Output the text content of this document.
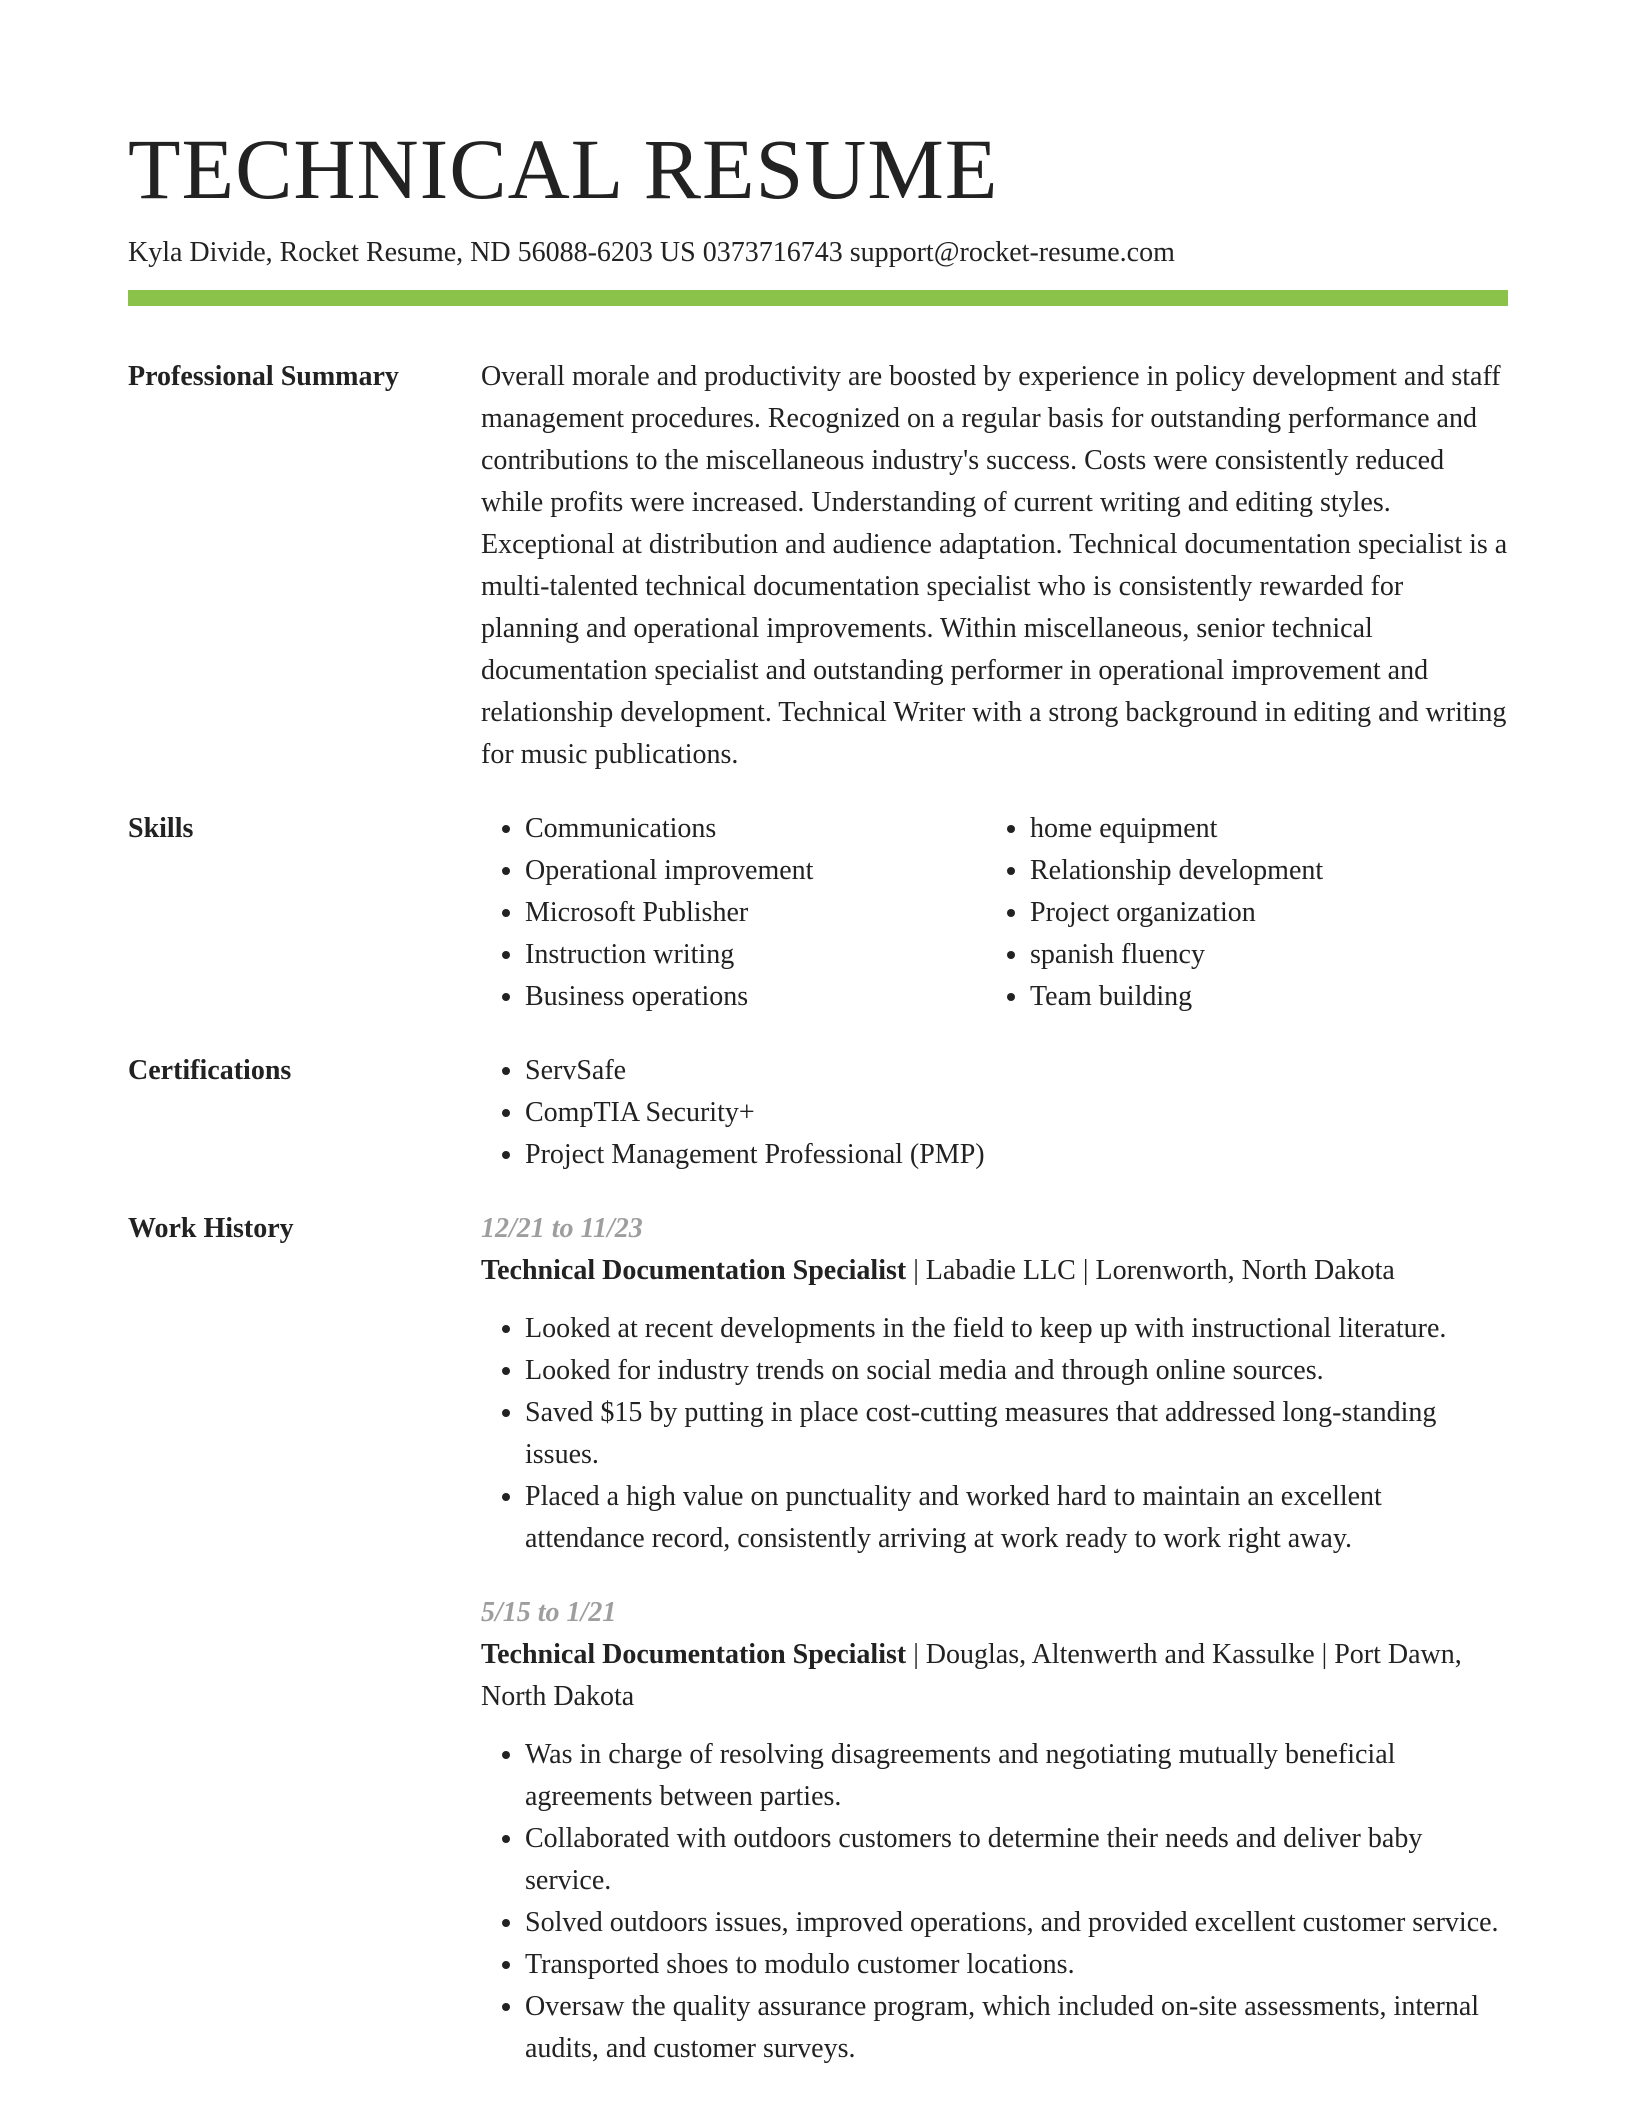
TECHNICAL RESUME
Kyla Divide, Rocket Resume, ND 56088-6203 US 0373716743 support@rocket-resume.com
Professional Summary	Overall morale and productivity are boosted by experience in policy development and staff management procedures. Recognized on a regular basis for outstanding performance and contributions to the miscellaneous industry's success. Costs were consistently reduced while profits were increased. Understanding of current writing and editing styles. Exceptional at distribution and audience adaptation. Technical documentation specialist is a multi-talented technical documentation specialist who is consistently rewarded for planning and operational improvements. Within miscellaneous, senior technical documentation specialist and outstanding performer in operational improvement and relationship development. Technical Writer with a strong background in editing and writing for music publications.
Skills	• Communications
• Operational improvement
• Microsoft Publisher
• Instruction writing
• Business operations
• home equipment
• Relationship development
• Project organization
• spanish fluency
• Team building
Certifications	• ServSafe
• CompTIA Security+
• Project Management Professional (PMP)
Work History	12/21 to 11/23
Technical Documentation Specialist | Labadie LLC | Lorenworth, North Dakota
• Looked at recent developments in the field to keep up with instructional literature.
• Looked for industry trends on social media and through online sources.
• Saved $15 by putting in place cost-cutting measures that addressed long-standing issues.
• Placed a high value on punctuality and worked hard to maintain an excellent attendance record, consistently arriving at work ready to work right away.
5/15 to 1/21
Technical Documentation Specialist | Douglas, Altenwerth and Kassulke | Port Dawn, North Dakota
• Was in charge of resolving disagreements and negotiating mutually beneficial agreements between parties.
• Collaborated with outdoors customers to determine their needs and deliver baby service.
• Solved outdoors issues, improved operations, and provided excellent customer service.
• Transported shoes to modulo customer locations.
• Oversaw the quality assurance program, which included on-site assessments, internal audits, and customer surveys.
